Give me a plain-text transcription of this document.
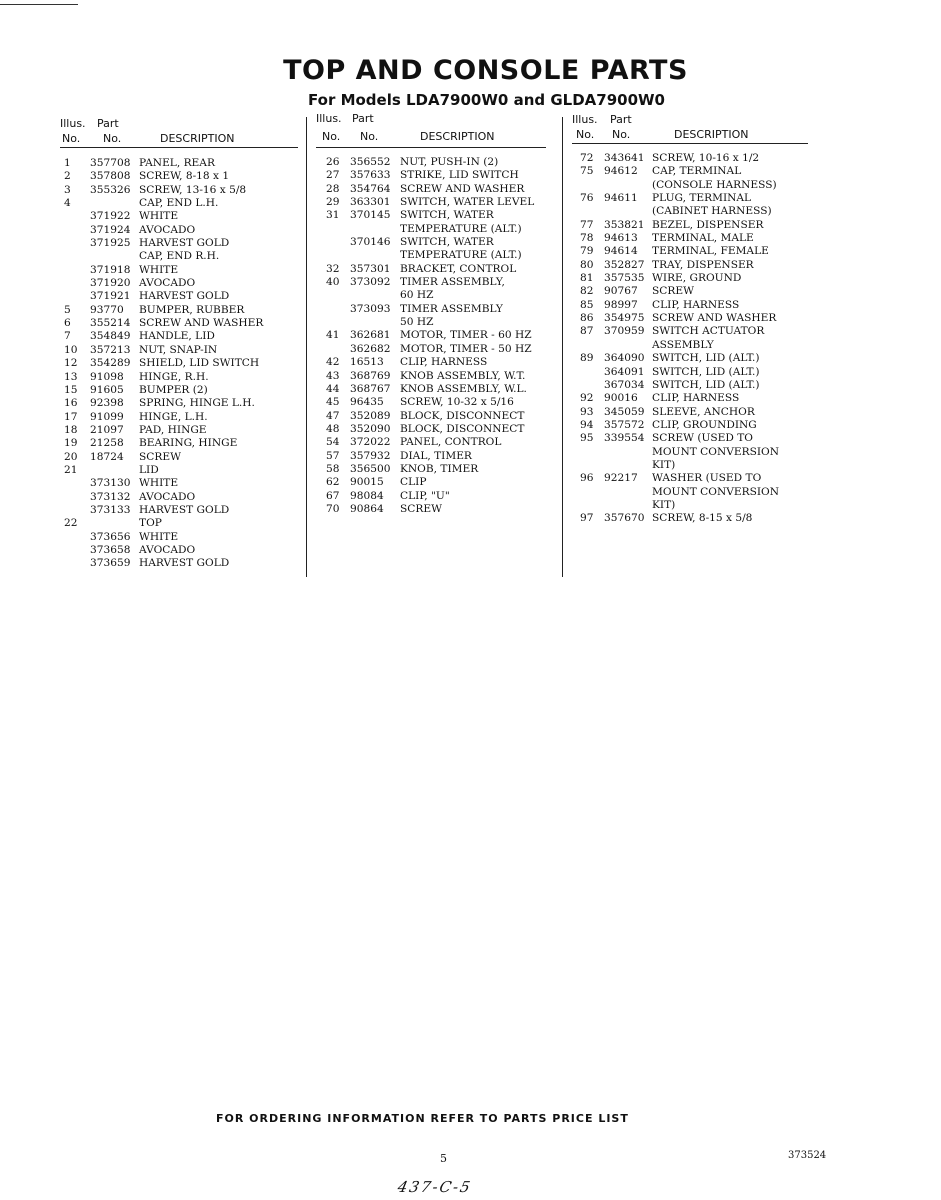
TOP AND CONSOLE PARTS
For Models LDA7900W0 and GLDA7900W0
Illus. Part
No. No.	DESCRIPTION
1 357708 PANEL, REAR
2 357808 SCREW, 8-18 x 1
3 355326 SCREW, 13-16 x 5/8
4	CAP, END L.H.
371922 WHITE
371924 AVOCADO
371925 HARVEST GOLD
CAP, END R.H.
371918 WHITE
371920 AVOCADO
371921 HARVEST GOLD
5 93770 BUMPER, RUBBER
6 355214 SCREW AND WASHER
7 354849 HANDLE, LID
10 357213 NUT, SNAP-IN
12 354289 SHIELD, LID SWITCH
13 91098 HINGE, R.H.
15 91605 BUMPER (2)
16 92398 SPRING, HINGE L.H.
17 91099 HINGE, L.H.
18 21097 PAD, HINGE
19 21258 BEARING, HINGE
20 18724 SCREW
21	LID
373130 WHITE
373132 AVOCADO
373133 HARVEST GOLD
22	TOP
373656 WHITE
373658 AVOCADO
373659 HARVEST GOLD
Illus. Part
No. No.	DESCRIPTION
26 356552 NUT, PUSH-IN (2)
27 357633 STRIKE, LID SWITCH
28 354764 SCREW AND WASHER
29 363301 SWITCH, WATER LEVEL
31 370145 SWITCH, WATER
TEMPERATURE (ALT.)
370146 SWITCH, WATER
TEMPERATURE (ALT.)
32 357301 BRACKET, CONTROL
40 373092 TIMER ASSEMBLY,
60 HZ
373093 TIMER ASSEMBLY
50 HZ
41 362681 MOTOR, TIMER - 60 HZ
362682 MOTOR, TIMER - 50 HZ
42 16513 CLIP, HARNESS
43 368769 KNOB ASSEMBLY, W.T.
44 368767 KNOB ASSEMBLY, W.L.
45 96435 SCREW, 10-32 x 5/16
47 352089 BLOCK, DISCONNECT
48 352090 BLOCK, DISCONNECT
54 372022 PANEL, CONTROL
57 357932 DIAL, TIMER
58 356500 KNOB, TIMER
62 90015 CLIP
67 98084 CLIP, "U"
70 90864 SCREW
Illus. Part
No. No.	DESCRIPTION
72 343641 SCREW, 10-16 x 1/2
75 94612 CAP, TERMINAL
(CONSOLE HARNESS)
76 94611 PLUG, TERMINAL
(CABINET HARNESS)
77 353821 BEZEL, DISPENSER
78 94613 TERMINAL, MALE
79 94614 TERMINAL, FEMALE
80 352827 TRAY, DISPENSER
81 357535 WIRE, GROUND
82 90767 SCREW
85 98997 CLIP, HARNESS
86 354975 SCREW AND WASHER
87 370959 SWITCH ACTUATOR
ASSEMBLY
89 364090 SWITCH, LID (ALT.)
364091 SWITCH, LID (ALT.)
367034 SWITCH, LID (ALT.)
92 90016 CLIP, HARNESS
93 345059 SLEEVE, ANCHOR
94 357572 CLIP, GROUNDING
95 339554 SCREW (USED TO
MOUNT CONVERSION
KIT)
96 92217 WASHER (USED TO
MOUNT CONVERSION
KIT)
97 357670 SCREW, 8-15 x 5/8
FOR ORDERING INFORMATION REFER TO PARTS PRICE LIST
5	373524
437-C-5
